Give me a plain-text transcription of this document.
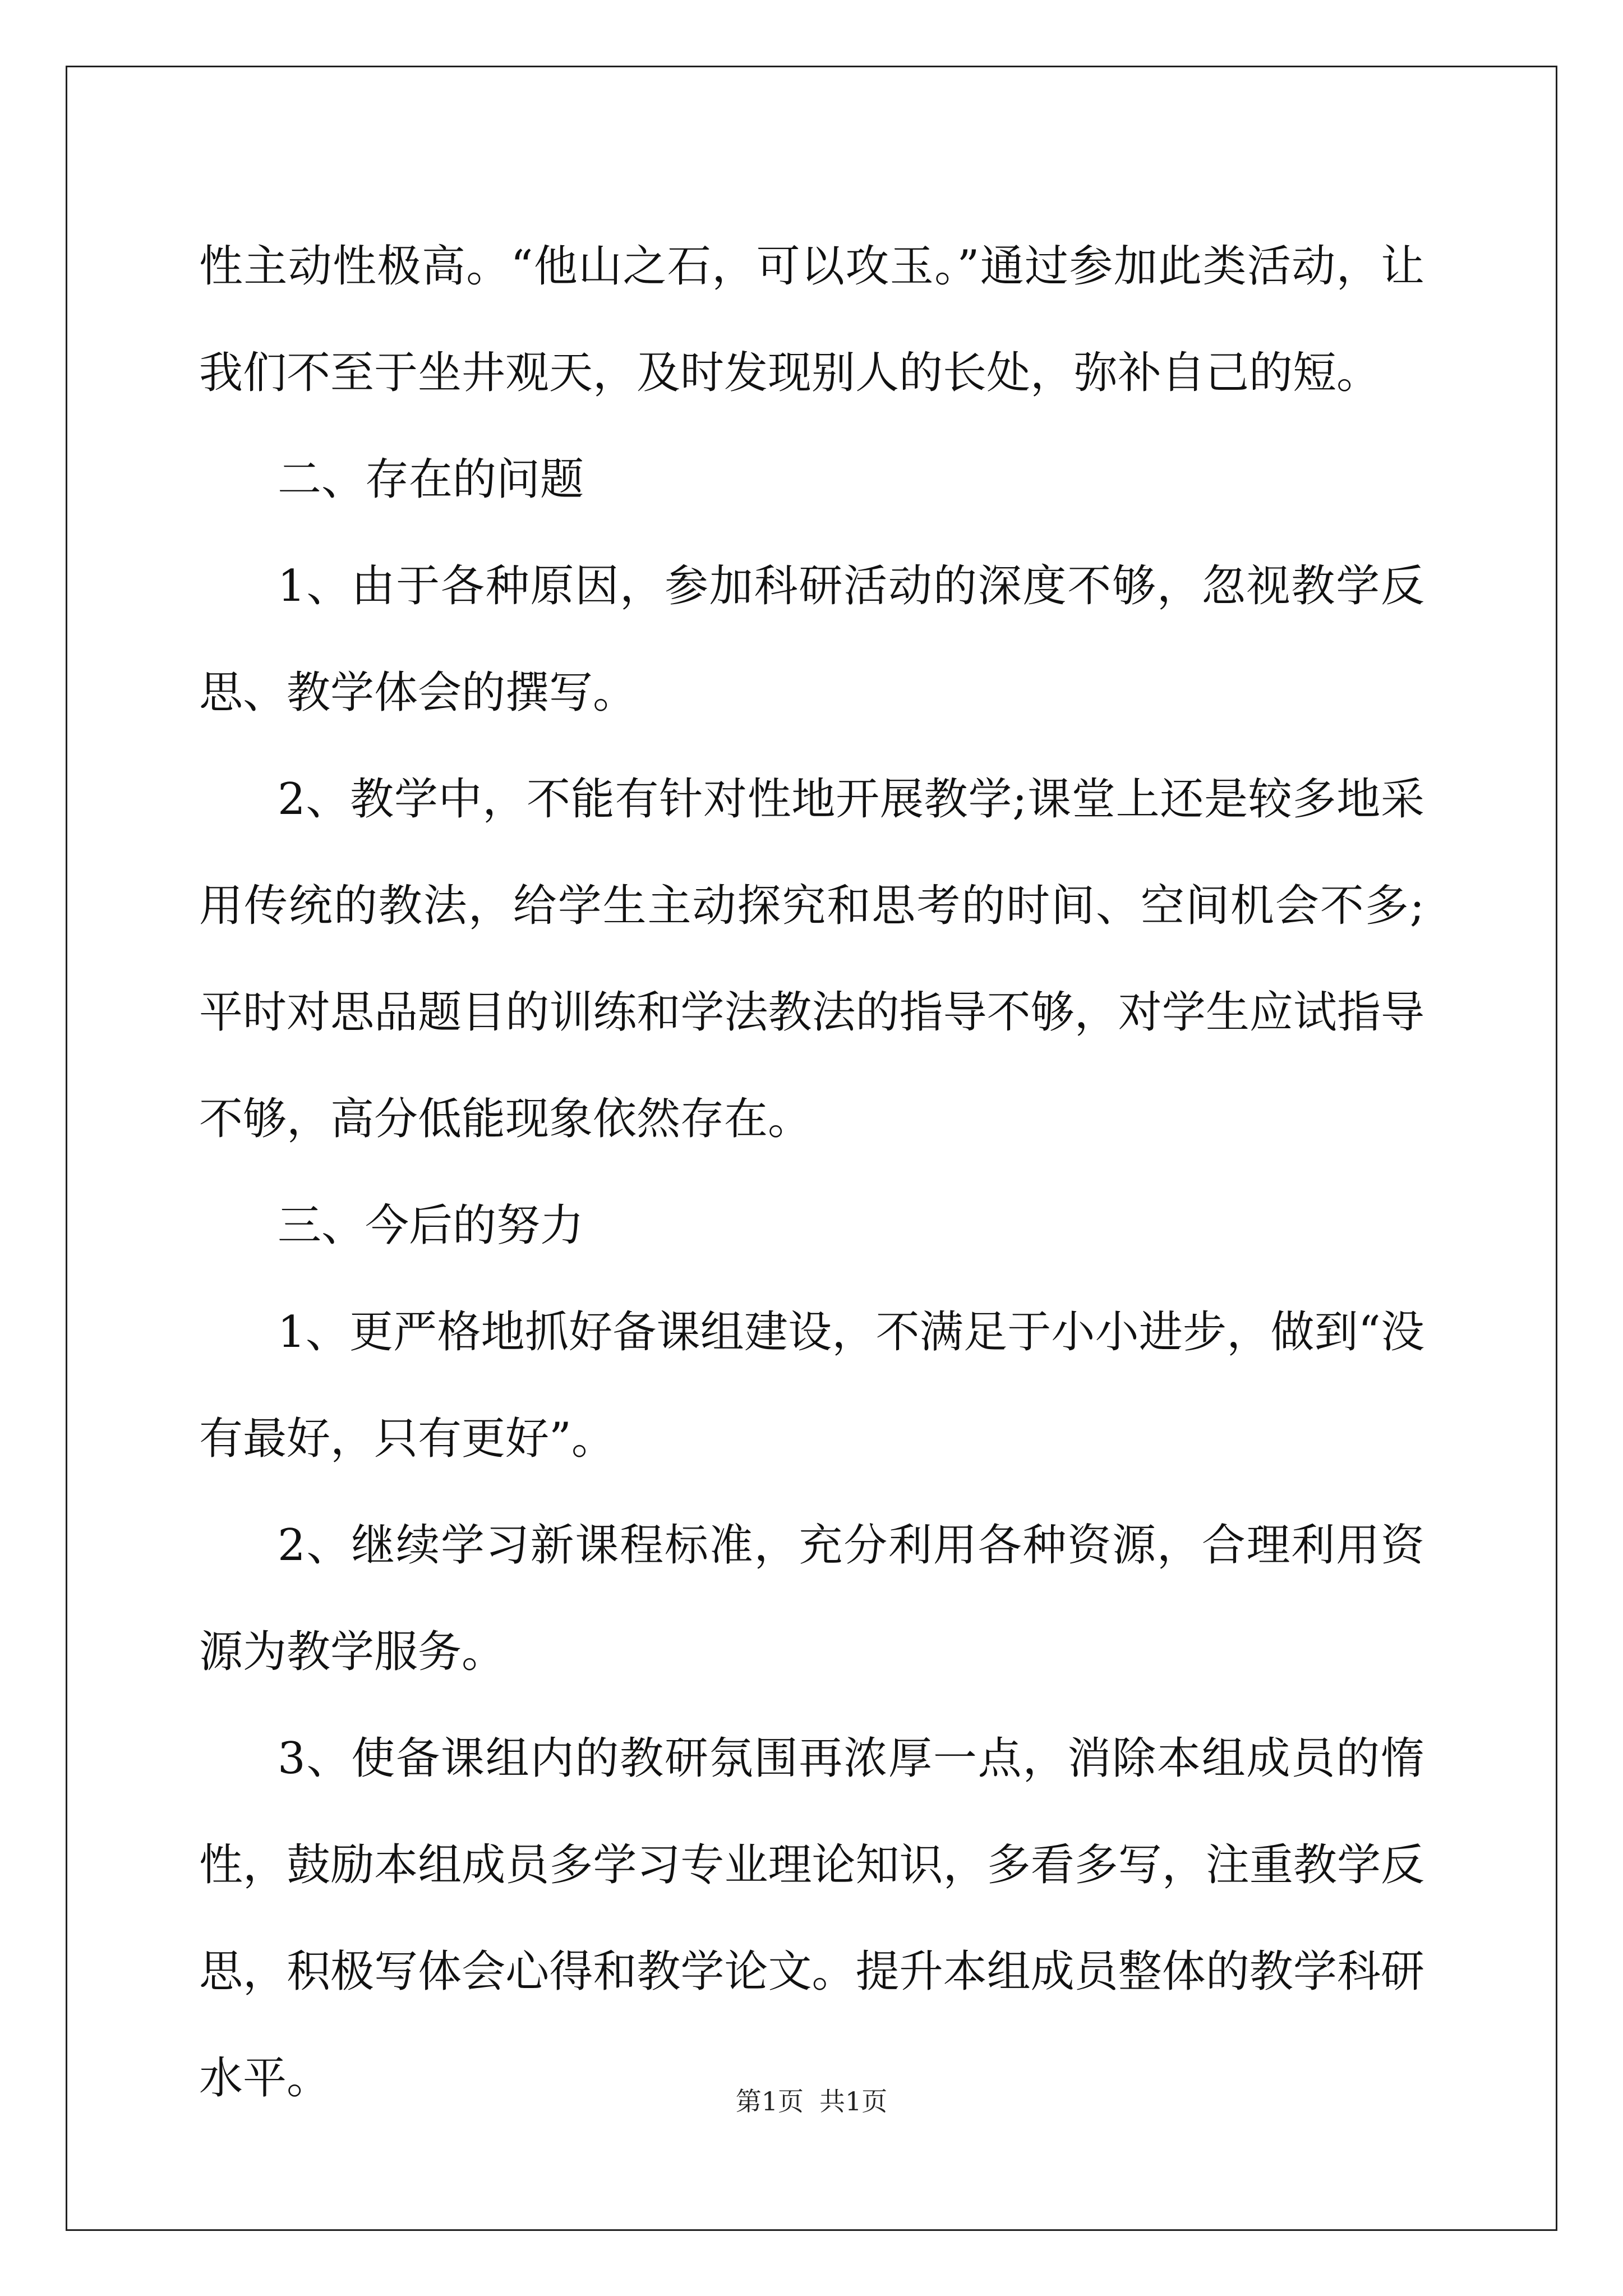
性主动性极高。“他山之石，可以攻玉。”通过参加此类活动，让我们不至于坐井观天，及时发现别人的长处，弥补自己的短。

二、存在的问题

1、由于各种原因，参加科研活动的深度不够，忽视教学反思、教学体会的撰写。

2、教学中，不能有针对性地开展教学;课堂上还是较多地采用传统的教法，给学生主动探究和思考的时间、空间机会不多;平时对思品题目的训练和学法教法的指导不够，对学生应试指导不够，高分低能现象依然存在。

三、今后的努力

1、更严格地抓好备课组建设，不满足于小小进步，做到“没有最好，只有更好”。

2、继续学习新课程标准，充分利用各种资源，合理利用资源为教学服务。

3、使备课组内的教研氛围再浓厚一点，消除本组成员的惰性，鼓励本组成员多学习专业理论知识，多看多写，注重教学反思，积极写体会心得和教学论文。提升本组成员整体的教学科研水平。	第1页 共1页
